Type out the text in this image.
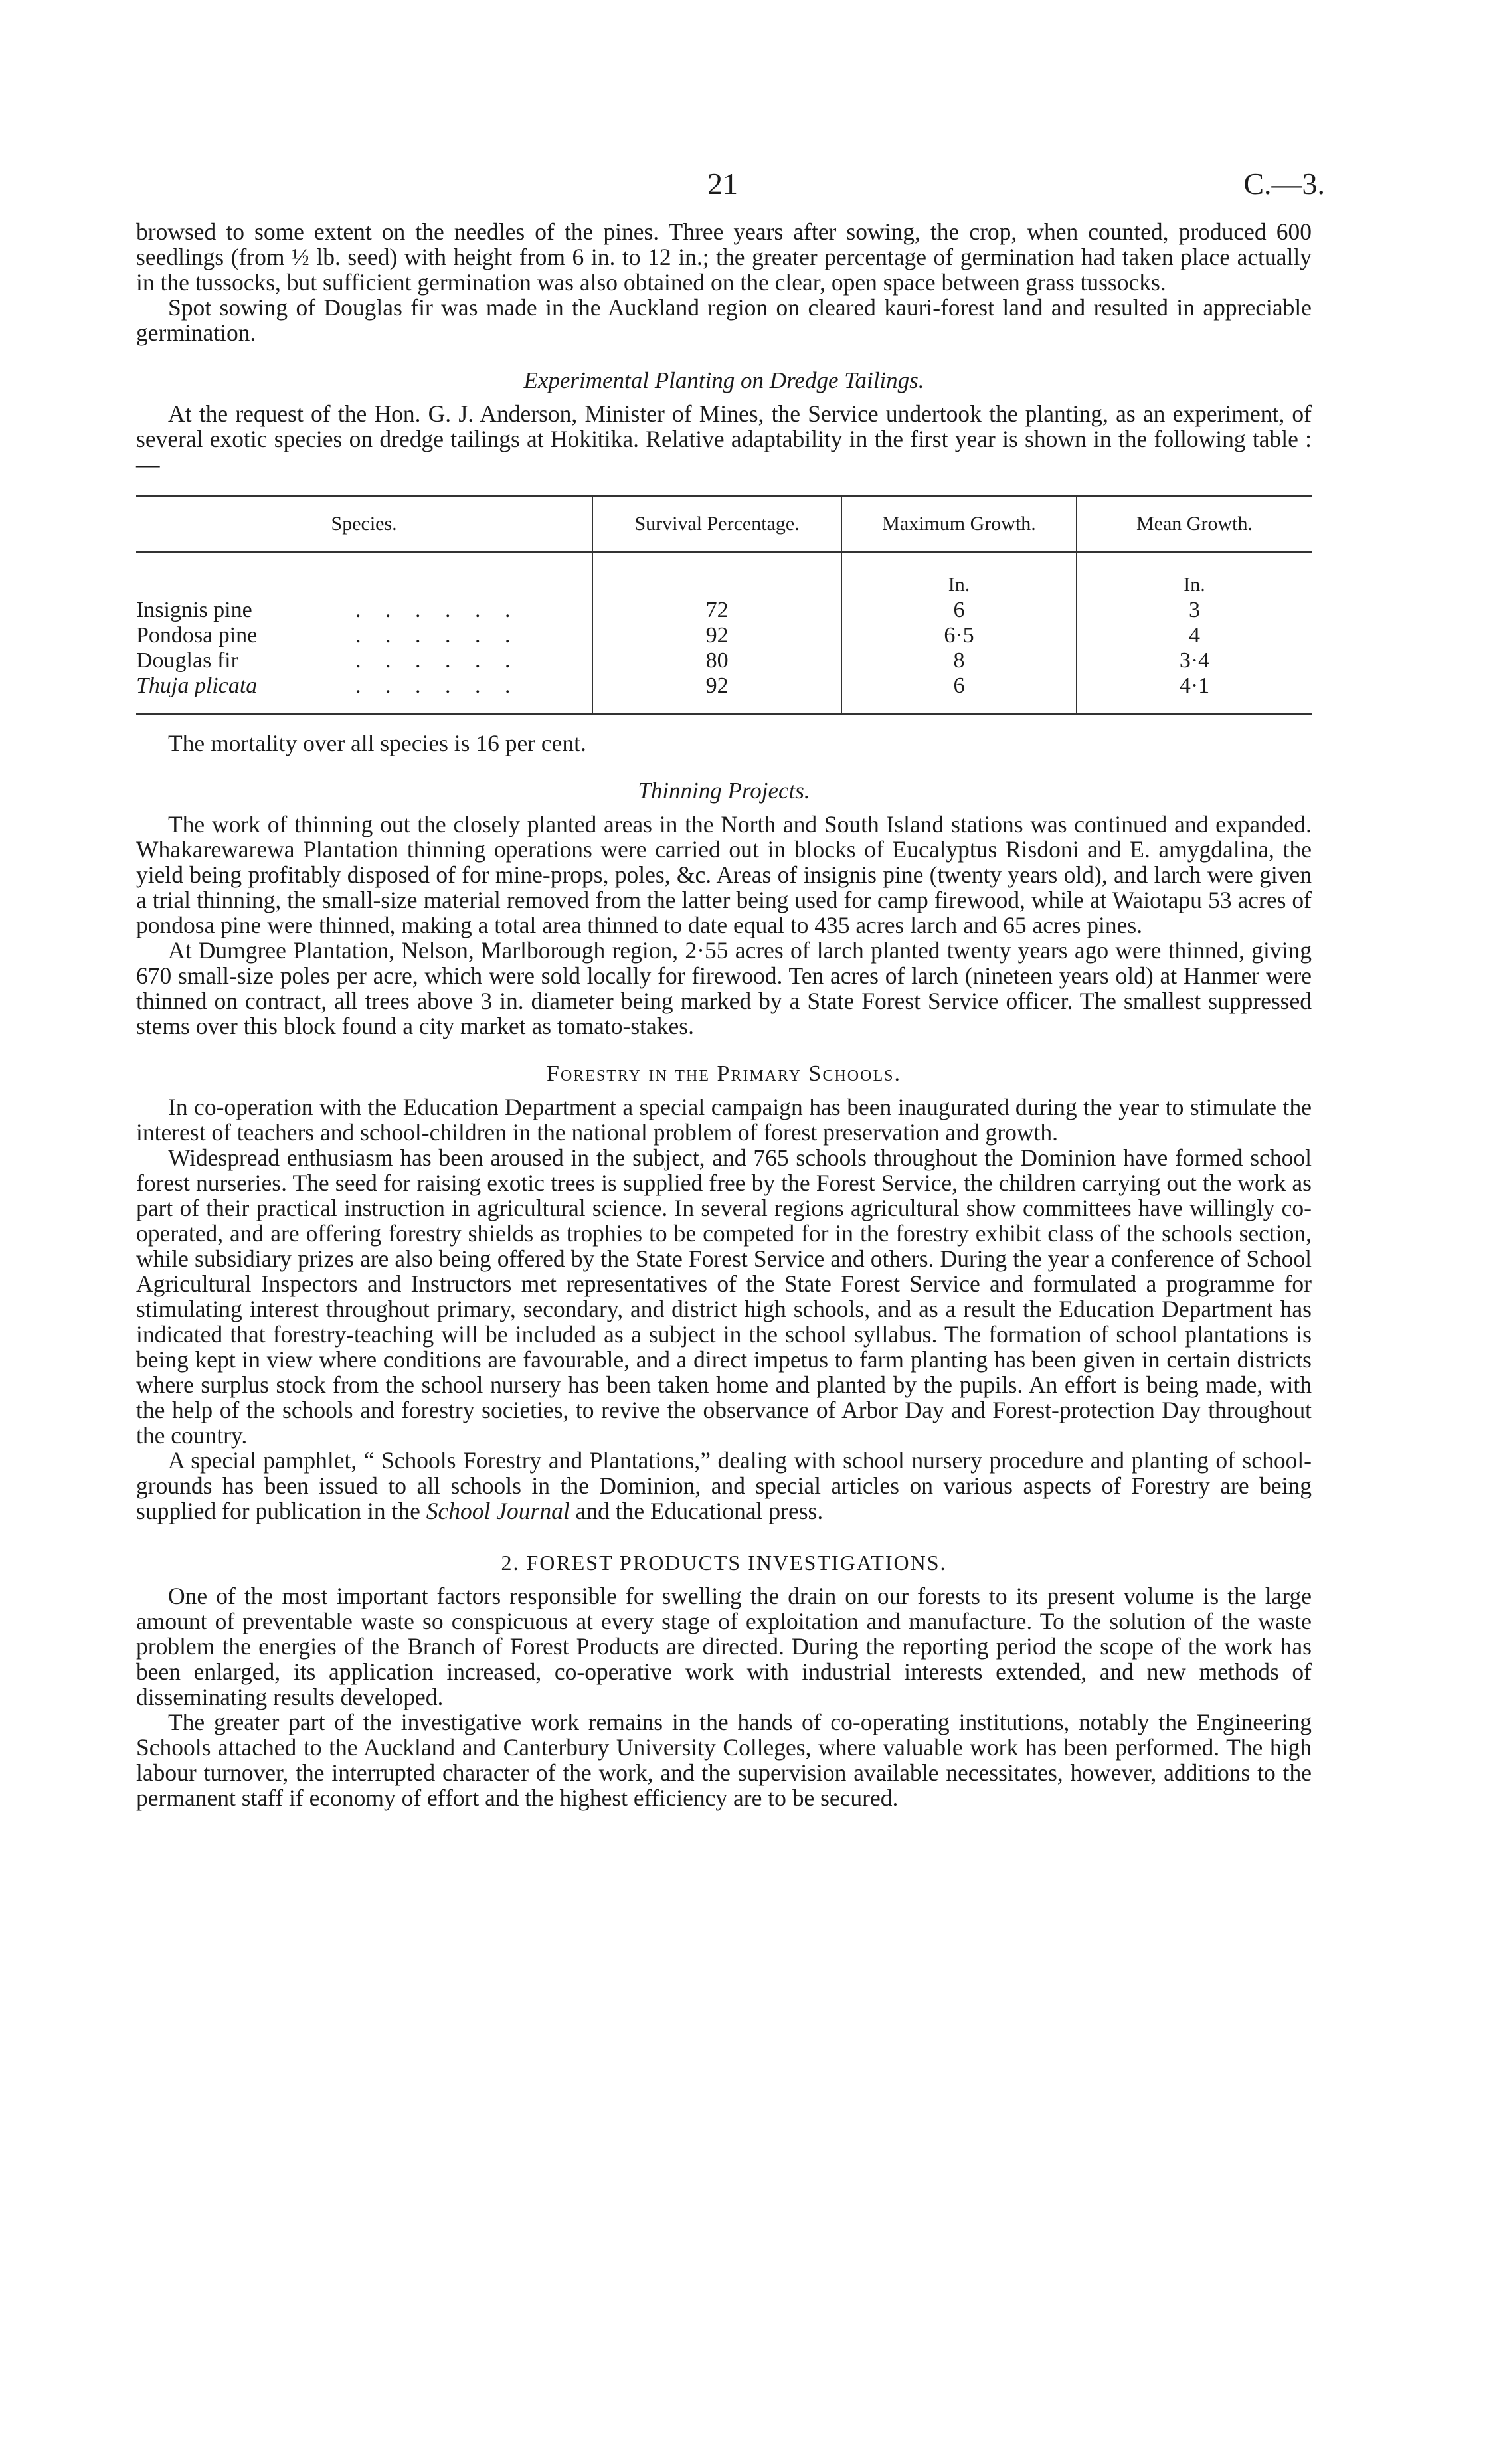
21	C.—3.

browsed to some extent on the needles of the pines. Three years after sowing, the crop, when counted, produced 600 seedlings (from ½ lb. seed) with height from 6 in. to 12 in.; the greater percentage of germination had taken place actually in the tussocks, but sufficient germination was also obtained on the clear, open space between grass tussocks.

Spot sowing of Douglas fir was made in the Auckland region on cleared kauri-forest land and resulted in appreciable germination.

Experimental Planting on Dredge Tailings.

At the request of the Hon. G. J. Anderson, Minister of Mines, the Service undertook the planting, as an experiment, of several exotic species on dredge tailings at Hokitika. Relative adaptability in the first year is shown in the following table :—

Species.	Survival Percentage.	Maximum Growth.	Mean Growth.
		In.	In.
Insignis pine . . . . . .	72	6	3
Pondosa pine . . . . . .	92	6·5	4
Douglas fir . . . . . .	80	8	3·4
Thuja plicata . . . . . .	92	6	4·1

The mortality over all species is 16 per cent.

Thinning Projects.

The work of thinning out the closely planted areas in the North and South Island stations was continued and expanded. Whakarewarewa Plantation thinning operations were carried out in blocks of Eucalyptus Risdoni and E. amygdalina, the yield being profitably disposed of for mine-props, poles, &c. Areas of insignis pine (twenty years old), and larch were given a trial thinning, the small-size material removed from the latter being used for camp firewood, while at Waiotapu 53 acres of pondosa pine were thinned, making a total area thinned to date equal to 435 acres larch and 65 acres pines.

At Dumgree Plantation, Nelson, Marlborough region, 2·55 acres of larch planted twenty years ago were thinned, giving 670 small-size poles per acre, which were sold locally for firewood. Ten acres of larch (nineteen years old) at Hanmer were thinned on contract, all trees above 3 in. diameter being marked by a State Forest Service officer. The smallest suppressed stems over this block found a city market as tomato-stakes.

Forestry in the Primary Schools.

In co-operation with the Education Department a special campaign has been inaugurated during the year to stimulate the interest of teachers and school-children in the national problem of forest preservation and growth.

Widespread enthusiasm has been aroused in the subject, and 765 schools throughout the Dominion have formed school forest nurseries. The seed for raising exotic trees is supplied free by the Forest Service, the children carrying out the work as part of their practical instruction in agricultural science. In several regions agricultural show committees have willingly co-operated, and are offering forestry shields as trophies to be competed for in the forestry exhibit class of the schools section, while subsidiary prizes are also being offered by the State Forest Service and others. During the year a conference of School Agricultural Inspectors and Instructors met representatives of the State Forest Service and formulated a programme for stimulating interest throughout primary, secondary, and district high schools, and as a result the Education Department has indicated that forestry-teaching will be included as a subject in the school syllabus. The formation of school plantations is being kept in view where conditions are favourable, and a direct impetus to farm planting has been given in certain districts where surplus stock from the school nursery has been taken home and planted by the pupils. An effort is being made, with the help of the schools and forestry societies, to revive the observance of Arbor Day and Forest-protection Day throughout the country.

A special pamphlet, “ Schools Forestry and Plantations,” dealing with school nursery procedure and planting of school-grounds has been issued to all schools in the Dominion, and special articles on various aspects of Forestry are being supplied for publication in the School Journal and the Educational press.

2. FOREST PRODUCTS INVESTIGATIONS.

One of the most important factors responsible for swelling the drain on our forests to its present volume is the large amount of preventable waste so conspicuous at every stage of exploitation and manufacture. To the solution of the waste problem the energies of the Branch of Forest Products are directed. During the reporting period the scope of the work has been enlarged, its application increased, co-operative work with industrial interests extended, and new methods of disseminating results developed.

The greater part of the investigative work remains in the hands of co-operating institutions, notably the Engineering Schools attached to the Auckland and Canterbury University Colleges, where valuable work has been performed. The high labour turnover, the interrupted character of the work, and the supervision available necessitates, however, additions to the permanent staff if economy of effort and the highest efficiency are to be secured.
